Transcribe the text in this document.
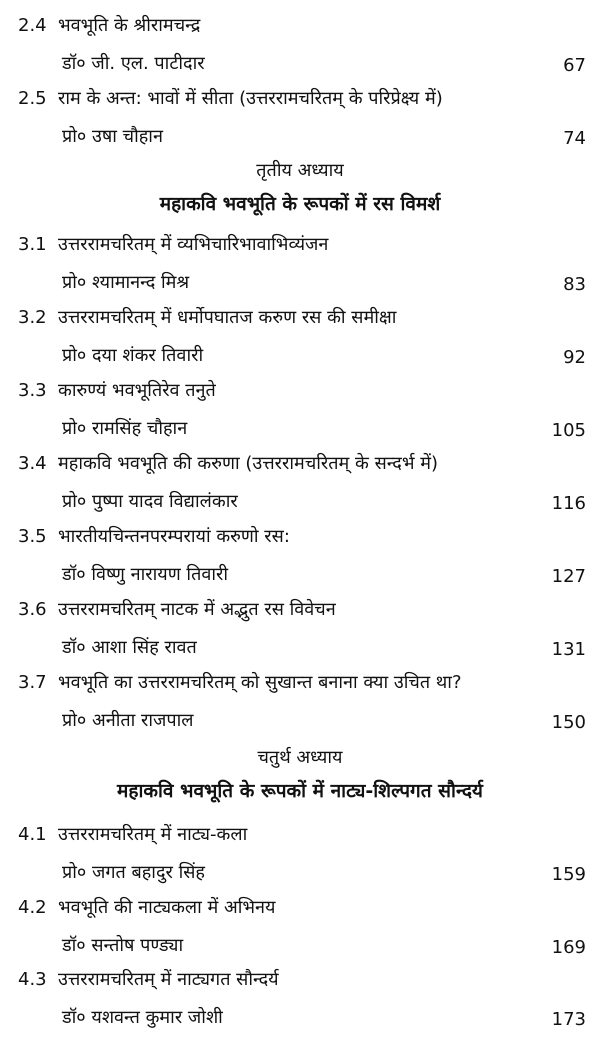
2.4 भवभूति के श्रीरामचन्द्र
डॉ० जी. एल. पाटीदार	67
2.5 राम के अन्त: भावों में सीता (उत्तररामचरितम् के परिप्रेक्ष्य में)
प्रो० उषा चौहान	74
तृतीय अध्याय
महाकवि भवभूति के रूपकों में रस विमर्श
3.1 उत्तररामचरितम् में व्यभिचारिभावाभिव्यंजन
प्रो० श्यामानन्द मिश्र	83
3.2 उत्तररामचरितम् में धर्मोपघातज करुण रस की समीक्षा
प्रो० दया शंकर तिवारी	92
3.3 कारुण्यं भवभूतिरेव तनुते
प्रो० रामसिंह चौहान	105
3.4 महाकवि भवभूति की करुणा (उत्तररामचरितम् के सन्दर्भ में)
प्रो० पुष्पा यादव विद्यालंकार	116
3.5 भारतीयचिन्तनपरम्परायां करुणो रस:
डॉ० विष्णु नारायण तिवारी	127
3.6 उत्तररामचरितम् नाटक में अद्भुत रस विवेचन
डॉ० आशा सिंह रावत	131
3.7 भवभूति का उत्तररामचरितम् को सुखान्त बनाना क्या उचित था?
प्रो० अनीता राजपाल	150
चतुर्थ अध्याय
महाकवि भवभूति के रूपकों में नाट्य-शिल्पगत सौन्दर्य
4.1 उत्तररामचरितम् में नाट्य-कला
प्रो० जगत बहादुर सिंह	159
4.2 भवभूति की नाट्यकला में अभिनय
डॉ० सन्तोष पण्ड्या	169
4.3 उत्तररामचरितम् में नाट्यगत सौन्दर्य
डॉ० यशवन्त कुमार जोशी	173
